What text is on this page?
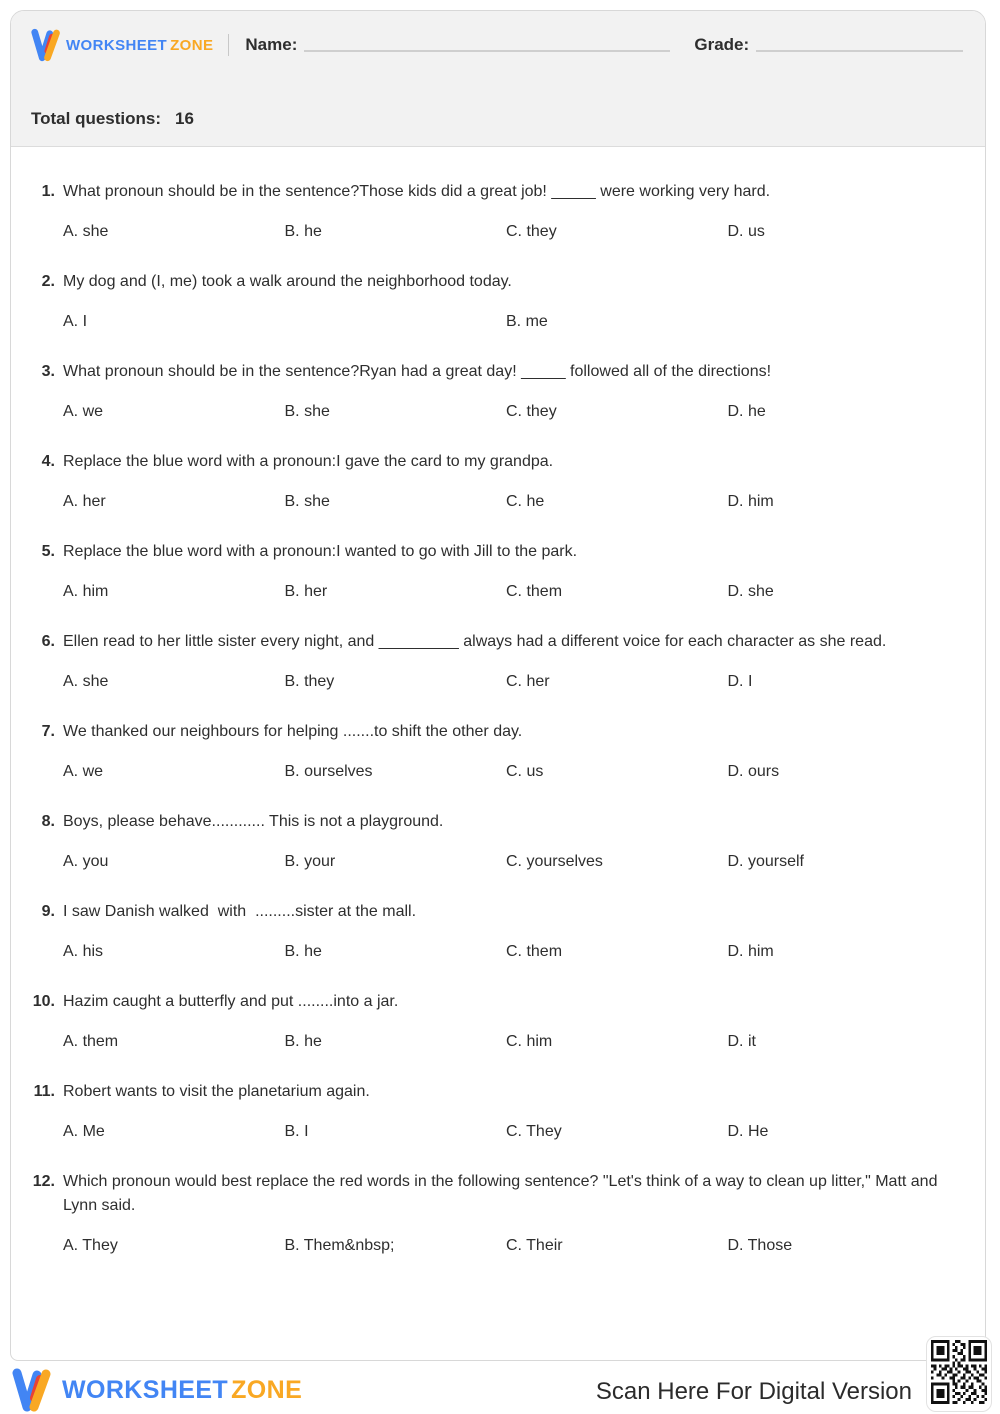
WORKSHEET ZONE Name:	Grade:
Total questions: 16
1. What pronoun should be in the sentence?Those kids did a great job! _____ were working very hard.
A. she	B. he	C. they	D. us
2. My dog and (I, me) took a walk around the neighborhood today.
A. I	B. me
3. What pronoun should be in the sentence?Ryan had a great day! _____ followed all of the directions!
A. we	B. she	C. they	D. he
4. Replace the blue word with a pronoun:I gave the card to my grandpa.
A. her	B. she	C. he	D. him
5. Replace the blue word with a pronoun:I wanted to go with Jill to the park.
A. him	B. her	C. them	D. she
6. Ellen read to her little sister every night, and _________ always had a different voice for each character as she read.
A. she	B. they	C. her	D. I
7. We thanked our neighbours for helping .......to shift the other day.
A. we	B. ourselves	C. us	D. ours
8. Boys, please behave............ This is not a playground.
A. you	B. your	C. yourselves	D. yourself
9. I saw Danish walked  with  .........sister at the mall.
A. his	B. he	C. them	D. him
10. Hazim caught a butterfly and put ........into a jar.
A. them	B. he	C. him	D. it
11. Robert wants to visit the planetarium again.
A. Me	B. I	C. They	D. He
12. Which pronoun would best replace the red words in the following sentence? "Let's think of a way to clean up litter," Matt and Lynn said.
A. They	B. Them&nbsp;	C. Their	D. Those
WORKSHEET ZONE	Scan Here For Digital Version
